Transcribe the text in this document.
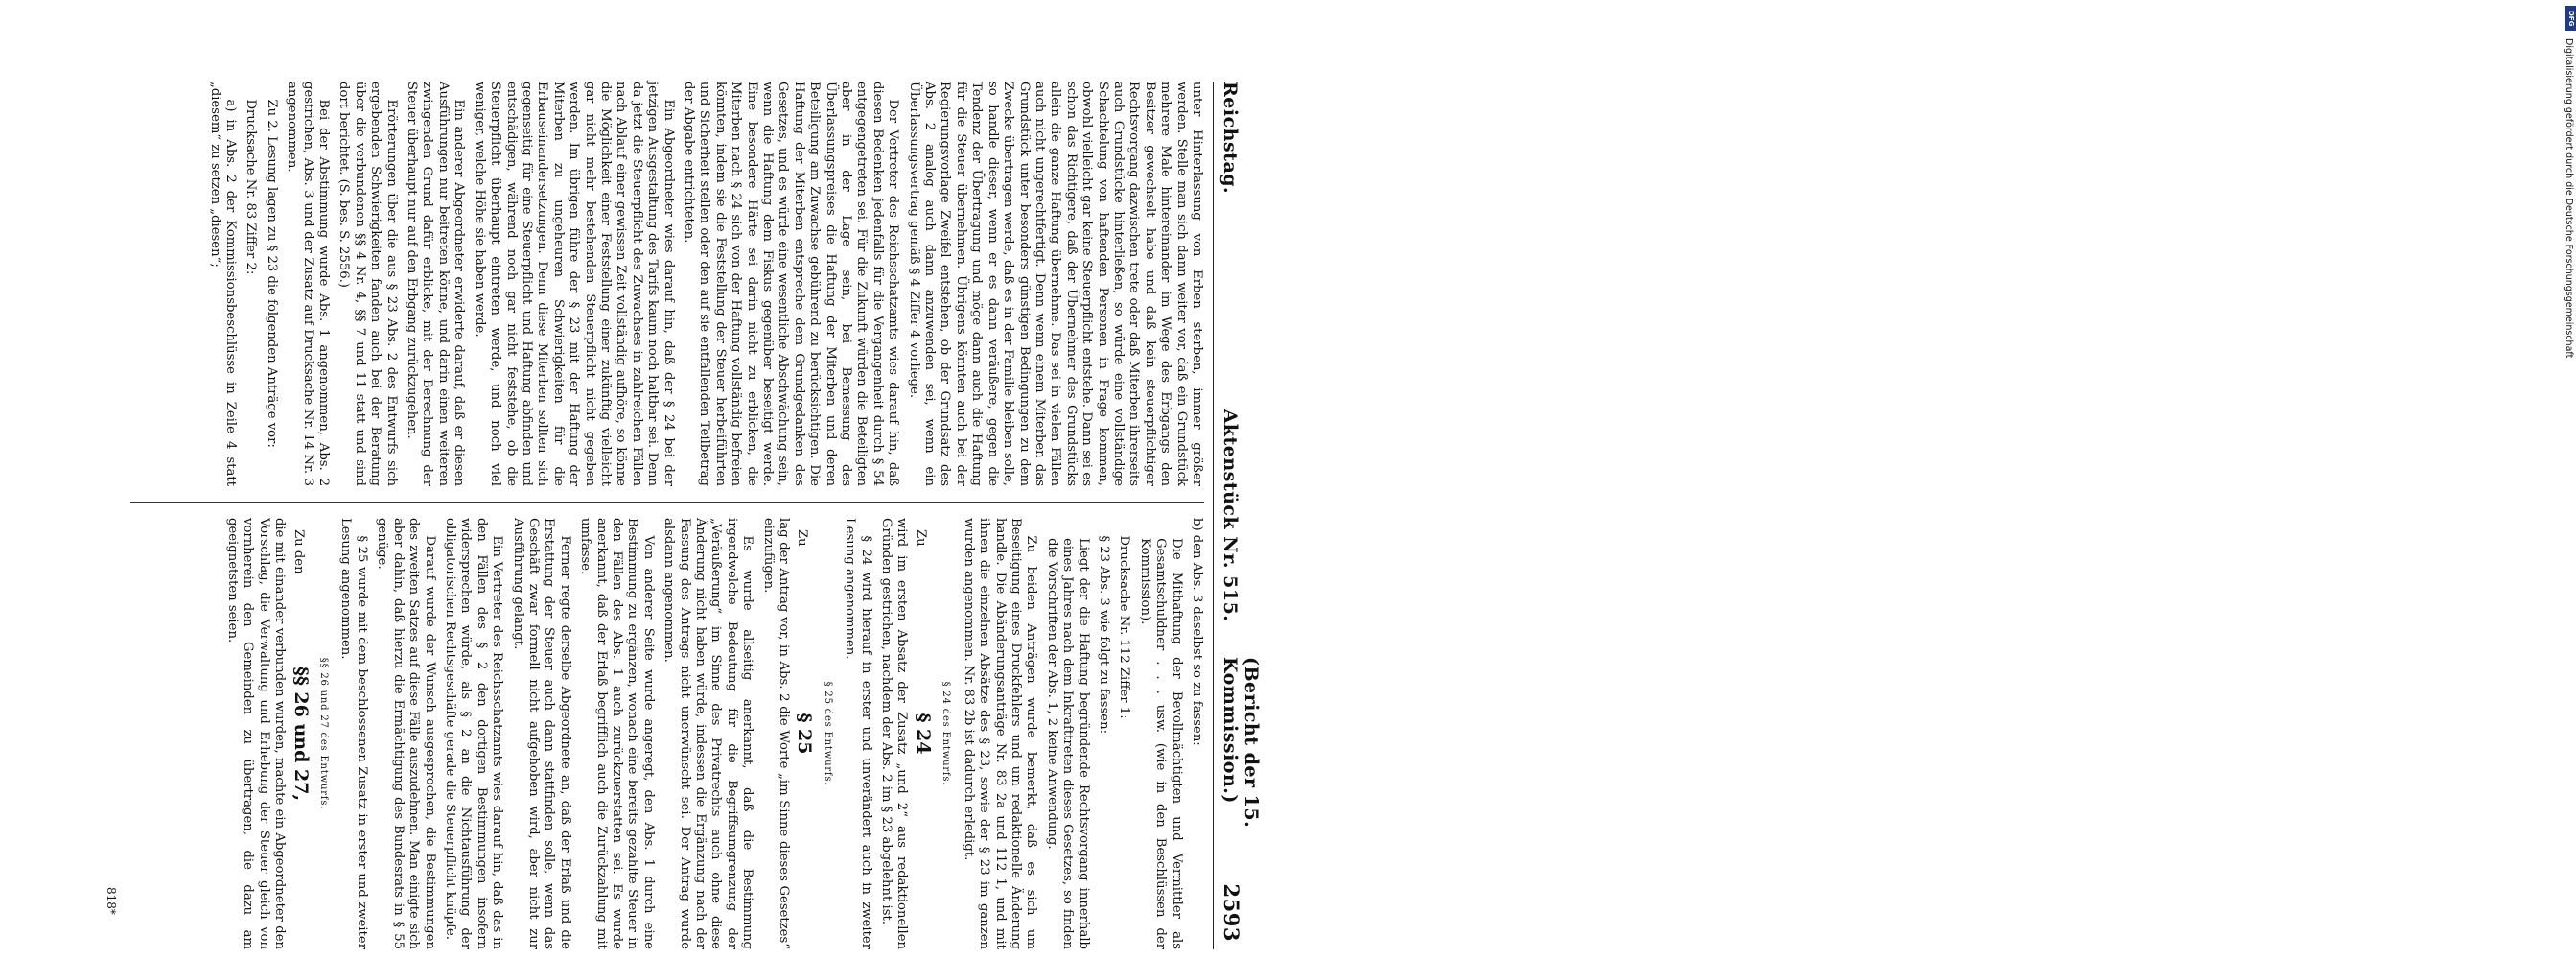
Reichstag.
Aktenstück Nr. 515.
(Bericht der 15. Kommission.)
2593

unter Hinterlassung von Erben sterben, immer größer werden. Stelle man sich dann weiter vor, daß ein Grundstück mehrere Male hintereinander im Wege des Erbgangs den Besitzer gewechselt habe und daß kein steuerpflichtiger Rechtsvorgang dazwischen trete oder daß Miterben ihrerseits auch Grundstücke hinterließen, so würde eine vollständige Schachtelung von haftenden Personen in Frage kommen, obwohl vielleicht gar keine Steuerpflicht entstehe. Dann sei es schon das Richtigere, daß der Übernehmer des Grundstücks allein die ganze Haftung übernehme. Das sei in vielen Fällen auch nicht ungerechtfertigt. Denn wenn einem Miterben das Grundstück unter besonders günstigen Bedingungen zu dem Zwecke übertragen werde, daß es in der Familie bleiben solle, so handle dieser, wenn er es dann veräußere, gegen die Tendenz der Übertragung und möge dann auch die Haftung für die Steuer übernehmen. Übrigens könnten auch bei der Regierungsvorlage Zweifel entstehen, ob der Grundsatz des Abs. 2 analog auch dann anzuwenden sei, wenn ein Überlassungsvertrag gemäß § 4 Ziffer 4 vorliege.

Der Vertreter des Reichsschatzamts wies darauf hin, daß diesen Bedenken jedenfalls für die Vergangenheit durch § 54 entgegengetreten sei. Für die Zukunft würden die Beteiligten aber in der Lage sein, bei Bemessung des Überlassungspreises die Haftung der Miterben und deren Beteiligung am Zuwachse gebührend zu berücksichtigen. Die Haftung der Miterben entspreche dem Grundgedanken des Gesetzes, und es würde eine wesentliche Abschwächung sein, wenn die Haftung dem Fiskus gegenüber beseitigt werde. Eine besondere Härte sei darin nicht zu erblicken, die Miterben nach § 24 sich von der Haftung vollständig befreien könnten, indem sie die Feststellung der Steuer herbeiführten und Sicherheit stellen oder den auf sie entfallenden Teilbetrag der Abgabe entrichteten.

Ein Abgeordneter wies darauf hin, daß der § 24 bei der jetzigen Ausgestaltung des Tarifs kaum noch haltbar sei. Denn da jetzt die Steuerpflicht des Zuwachses in zahlreichen Fällen nach Ablauf einer gewissen Zeit vollständig aufhöre, so könne die Möglichkeit einer Feststellung einer zukünftig vielleicht gar nicht mehr bestehenden Steuerpflicht nicht gegeben werden. Im übrigen führe der § 23 mit der Haftung der Miterben zu ungeheuren Schwierigkeiten für die Erbauseinandersetzungen. Denn diese Miterben sollten sich gegenseitig für eine Steuerpflicht und Haftung abfinden und entschädigen, während noch gar nicht feststehe, ob die Steuerpflicht überhaupt eintreten werde, und noch viel weniger, welche Höhe sie haben werde.

Ein anderer Abgeordneter erwiderte darauf, daß er diesen Ausführungen nur beitreten könne, und darin einen weiteren zwingenden Grund dafür erblicke, mit der Berechnung der Steuer überhaupt nur auf den Erbgang zurückzugehen.

Erörterungen über die aus § 23 Abs. 2 des Entwurfs sich ergebenden Schwierigkeiten fanden auch bei der Beratung über die verbundenen §§ 4 Nr. 4, §§ 7 und 11 statt und sind dort berichtet. (S. bes. S. 2556.)

Bei der Abstimmung wurde Abs. 1 angenommen, Abs. 2 gestrichen, Abs. 3 und der Zusatz auf Drucksache Nr. 14 Nr. 3 angenommen.

Zu 2. Lesung lagen zu § 23 die folgenden Anträge vor:

Drucksache Nr. 83 Ziffer 2:

a) in Abs. 2 der Kommissionsbeschlüsse in Zeile 4 statt „diesem“ zu setzen „diesen“;

b) den Abs. 3 daselbst so zu fassen:

Die Mithaftung der Bevollmächtigten und Vermittler als Gesamtschuldner . . . usw. (wie in den Beschlüssen der Kommission).

Drucksache Nr. 112 Ziffer 1:

§ 23 Abs. 3 wie folgt zu fassen:

Liegt der die Haftung begründende Rechtsvorgang innerhalb eines Jahres nach dem Inkrafttreten dieses Gesetzes, so finden die Vorschriften der Abs. 1, 2 keine Anwendung.

Zu beiden Anträgen wurde bemerkt, daß es sich um Beseitigung eines Druckfehlers und um redaktionelle Änderung handle. Die Abänderungsanträge Nr. 83 2a und 112 1, und mit ihnen die einzelnen Absätze des § 23, sowie der § 23 im ganzen wurden angenommen. Nr. 83 2b ist dadurch erledigt.

§ 24 des Entwurfs.

Zu
§ 24

wird im ersten Absatz der Zusatz „und 2“ aus redaktionellen Gründen gestrichen, nachdem der Abs. 2 im § 23 abgelehnt ist.

§ 24 wird hierauf in erster und unverändert auch in zweiter Lesung angenommen.

§ 25 des Entwurfs.

Zu
§ 25

lag der Antrag vor, in Abs. 2 die Worte „im Sinne dieses Gesetzes“ einzufügen.

Es wurde allseitig anerkannt, daß die Bestimmung irgendwelche Bedeutung für die Begriffsumgrenzung der „Veräußerung“ im Sinne des Privatrechts auch ohne diese Änderung nicht haben würde, indessen die Ergänzung nach der Fassung des Antrags nicht unerwünscht sei. Der Antrag wurde alsdann angenommen.

Von anderer Seite wurde angeregt, den Abs. 1 durch eine Bestimmung zu ergänzen, wonach eine bereits gezahlte Steuer in den Fällen des Abs. 1 auch zurückzuerstatten sei. Es wurde anerkannt, daß der Erlaß begrifflich auch die Zurückzahlung mit umfasse.

Ferner regte derselbe Abgeordnete an, daß der Erlaß und die Erstattung der Steuer auch dann stattfinden solle, wenn das Geschäft zwar formell nicht aufgehoben wird, aber nicht zur Ausführung gelangt.

Ein Vertreter des Reichsschatzamts wies darauf hin, daß das in den Fällen des § 2 den dortigen Bestimmungen insofern widersprechen würde, als § 2 an die Nichtausführung der obligatorischen Rechtsgeschäfte gerade die Steuerpflicht knüpfe.

Darauf wurde der Wunsch ausgesprochen, die Bestimmungen des zweiten Satzes auf diese Fälle auszudehnen. Man einigte sich aber dahin, daß hierzu die Ermächtigung des Bundesrats in § 55 genüge.

§ 25 wurde mit dem beschlossenen Zusatz in erster und zweiter Lesung angenommen.

§§ 26 und 27 des Entwurfs.

Zu den
§§ 26 und 27,

die mit einander verbunden wurden, machte ein Abgeordneter den Vorschlag, die Verwaltung und Erhebung der Steuer gleich von vornherein den Gemeinden zu übertragen, die dazu am geeignetsten seien.

818*
DFG
Digitalisierung gefördert durch die Deutsche Forschungsgemeinschaft
